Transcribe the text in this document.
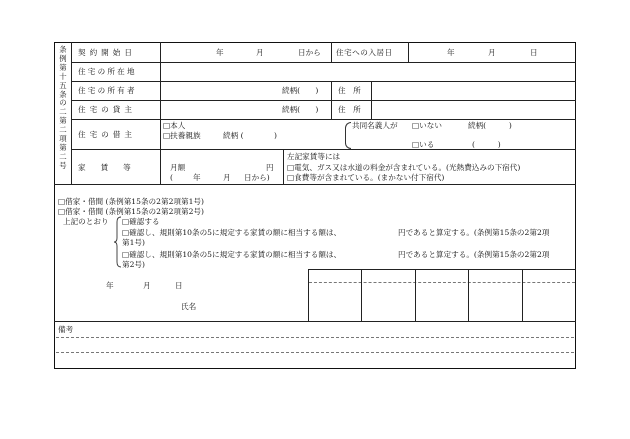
条例第十五条の二第二項第二号
契約開始日	年	月	日から 住宅への入居日	年	月	日
住宅の所在地
住宅の所有者	続柄(　　)	住　所
住宅の貸主	続柄(　　)	住　所
住宅の借主
□本人
□扶養親族	続柄 (　　　　)
共同名義人が □いない	続柄(　　　)
□いる	(　　　)
家賃等	月額	円
(	年	月 日から)
左記家賃等には
□電気、ガス又は水道の料金が含まれている。(光熱費込みの下宿代)
□食費等が含まれている。(まかない付下宿代)
□借家・借間 (条例第15条の2第2項第1号)
□借家・借間 (条例第15条の2第2項第2号)
上記のとおり □確認する
□確認し、規則第10条の5に規定する家賃の額に相当する額は、	円であると算定する。(条例第15条の2第2項
第1号)
□確認し、規則第10条の5に規定する家賃の額に相当する額は、	円であると算定する。(条例第15条の2第2項
第2号)
年	月	日
氏名
備考
